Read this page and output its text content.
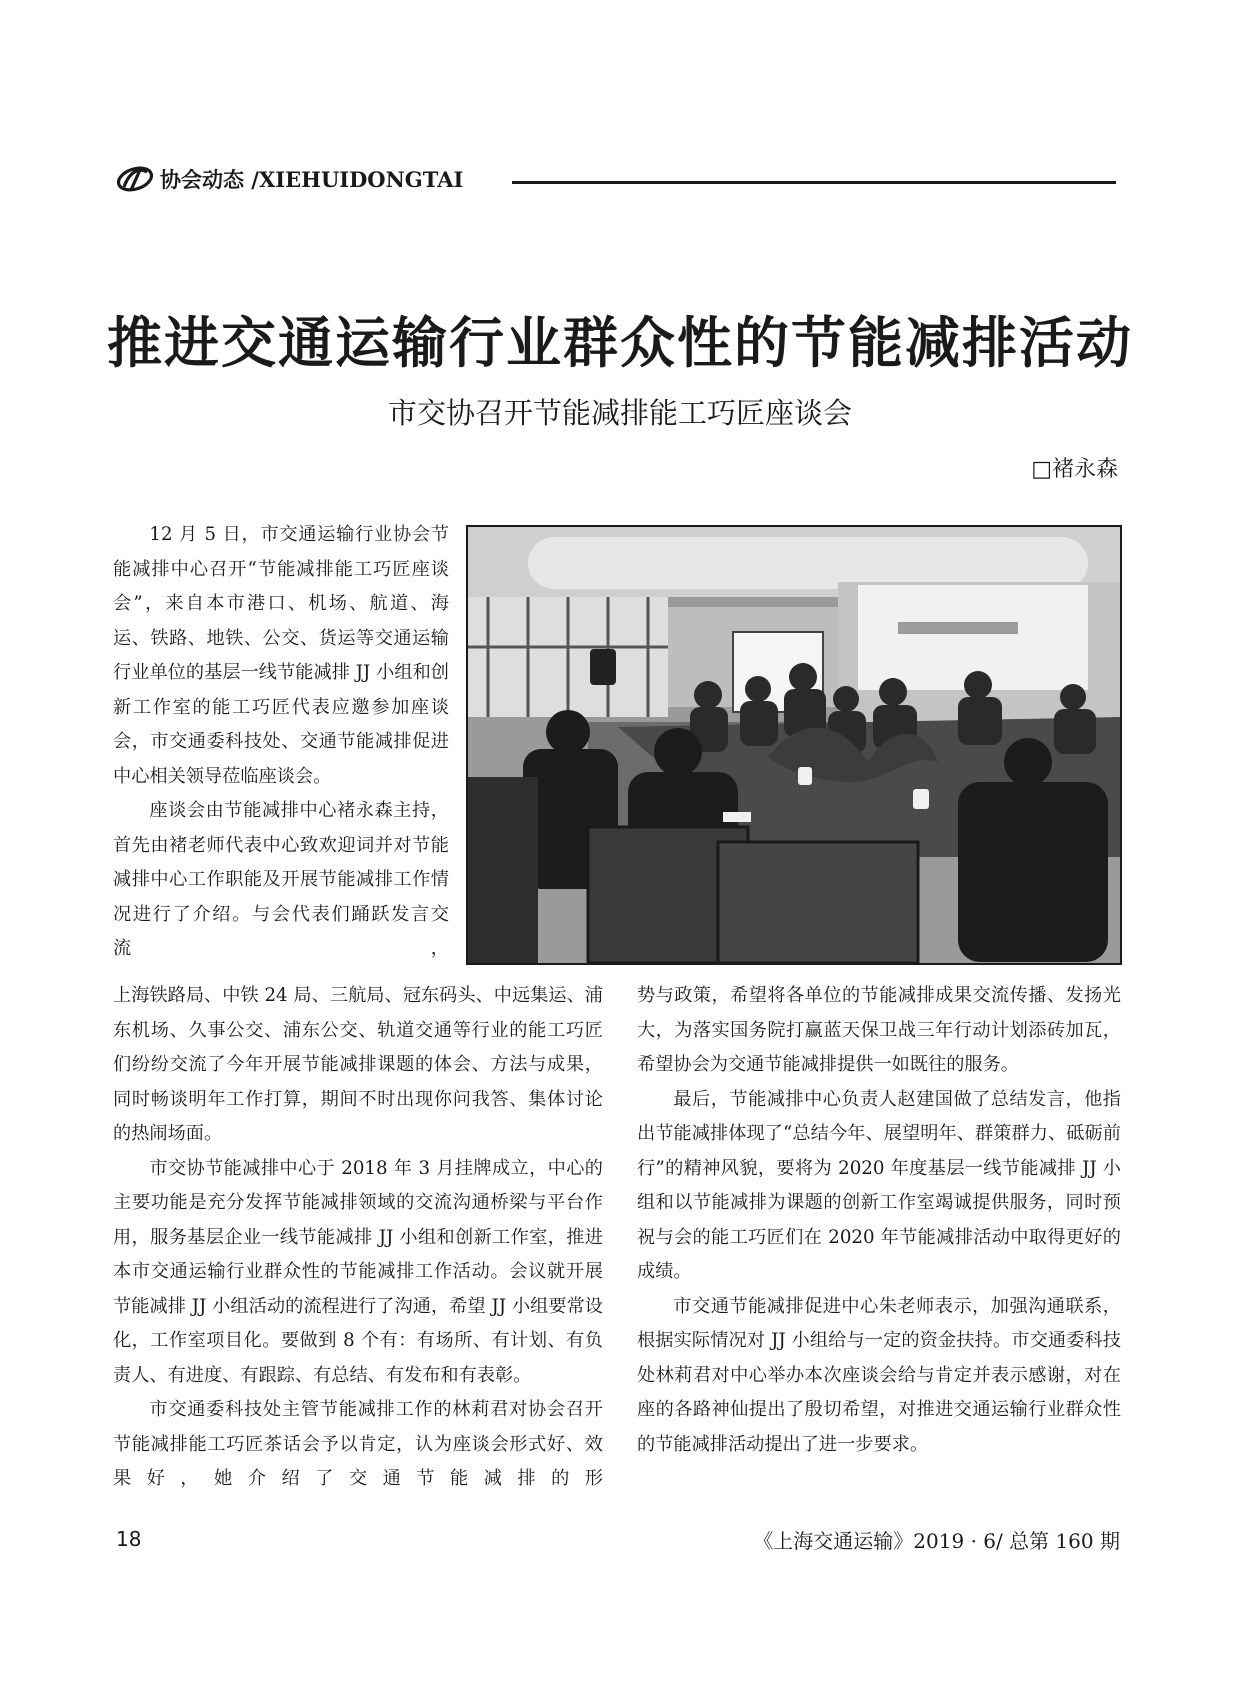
协会动态 /XIEHUIDONGTAI
推进交通运输行业群众性的节能减排活动
市交协召开节能减排能工巧匠座谈会
□褚永森

12 月 5 日，市交通运输行业协会节能减排中心召开“节能减排能工巧匠座谈会”，来自本市港口、机场、航道、海运、铁路、地铁、公交、货运等交通运输行业单位的基层一线节能减排 JJ 小组和创新工作室的能工巧匠代表应邀参加座谈会，市交通委科技处、交通节能减排促进中心相关领导莅临座谈会。

座谈会由节能减排中心褚永森主持，首先由褚老师代表中心致欢迎词并对节能减排中心工作职能及开展节能减排工作情况进行了介绍。与会代表们踊跃发言交流，

上海铁路局、中铁 24 局、三航局、冠东码头、中远集运、浦东机场、久事公交、浦东公交、轨道交通等行业的能工巧匠们纷纷交流了今年开展节能减排课题的体会、方法与成果，同时畅谈明年工作打算，期间不时出现你问我答、集体讨论的热闹场面。

市交协节能减排中心于 2018 年 3 月挂牌成立，中心的主要功能是充分发挥节能减排领域的交流沟通桥梁与平台作用，服务基层企业一线节能减排 JJ 小组和创新工作室，推进本市交通运输行业群众性的节能减排工作活动。会议就开展节能减排 JJ 小组活动的流程进行了沟通，希望 JJ 小组要常设化，工作室项目化。要做到 8 个有：有场所、有计划、有负责人、有进度、有跟踪、有总结、有发布和有表彰。

市交通委科技处主管节能减排工作的林莉君对协会召开节能减排能工巧匠茶话会予以肯定，认为座谈会形式好、效果好，她介绍了交通节能减排的形

势与政策，希望将各单位的节能减排成果交流传播、发扬光大，为落实国务院打赢蓝天保卫战三年行动计划添砖加瓦，希望协会为交通节能减排提供一如既往的服务。

最后，节能减排中心负责人赵建国做了总结发言，他指出节能减排体现了“总结今年、展望明年、群策群力、砥砺前行”的精神风貌，要将为 2020 年度基层一线节能减排 JJ 小组和以节能减排为课题的创新工作室竭诚提供服务，同时预祝与会的能工巧匠们在 2020 年节能减排活动中取得更好的成绩。

市交通节能减排促进中心朱老师表示，加强沟通联系，根据实际情况对 JJ 小组给与一定的资金扶持。市交通委科技处林莉君对中心举办本次座谈会给与肯定并表示感谢，对在座的各路神仙提出了殷切希望，对推进交通运输行业群众性的节能减排活动提出了进一步要求。

18	《上海交通运输》2019 · 6/ 总第 160 期
